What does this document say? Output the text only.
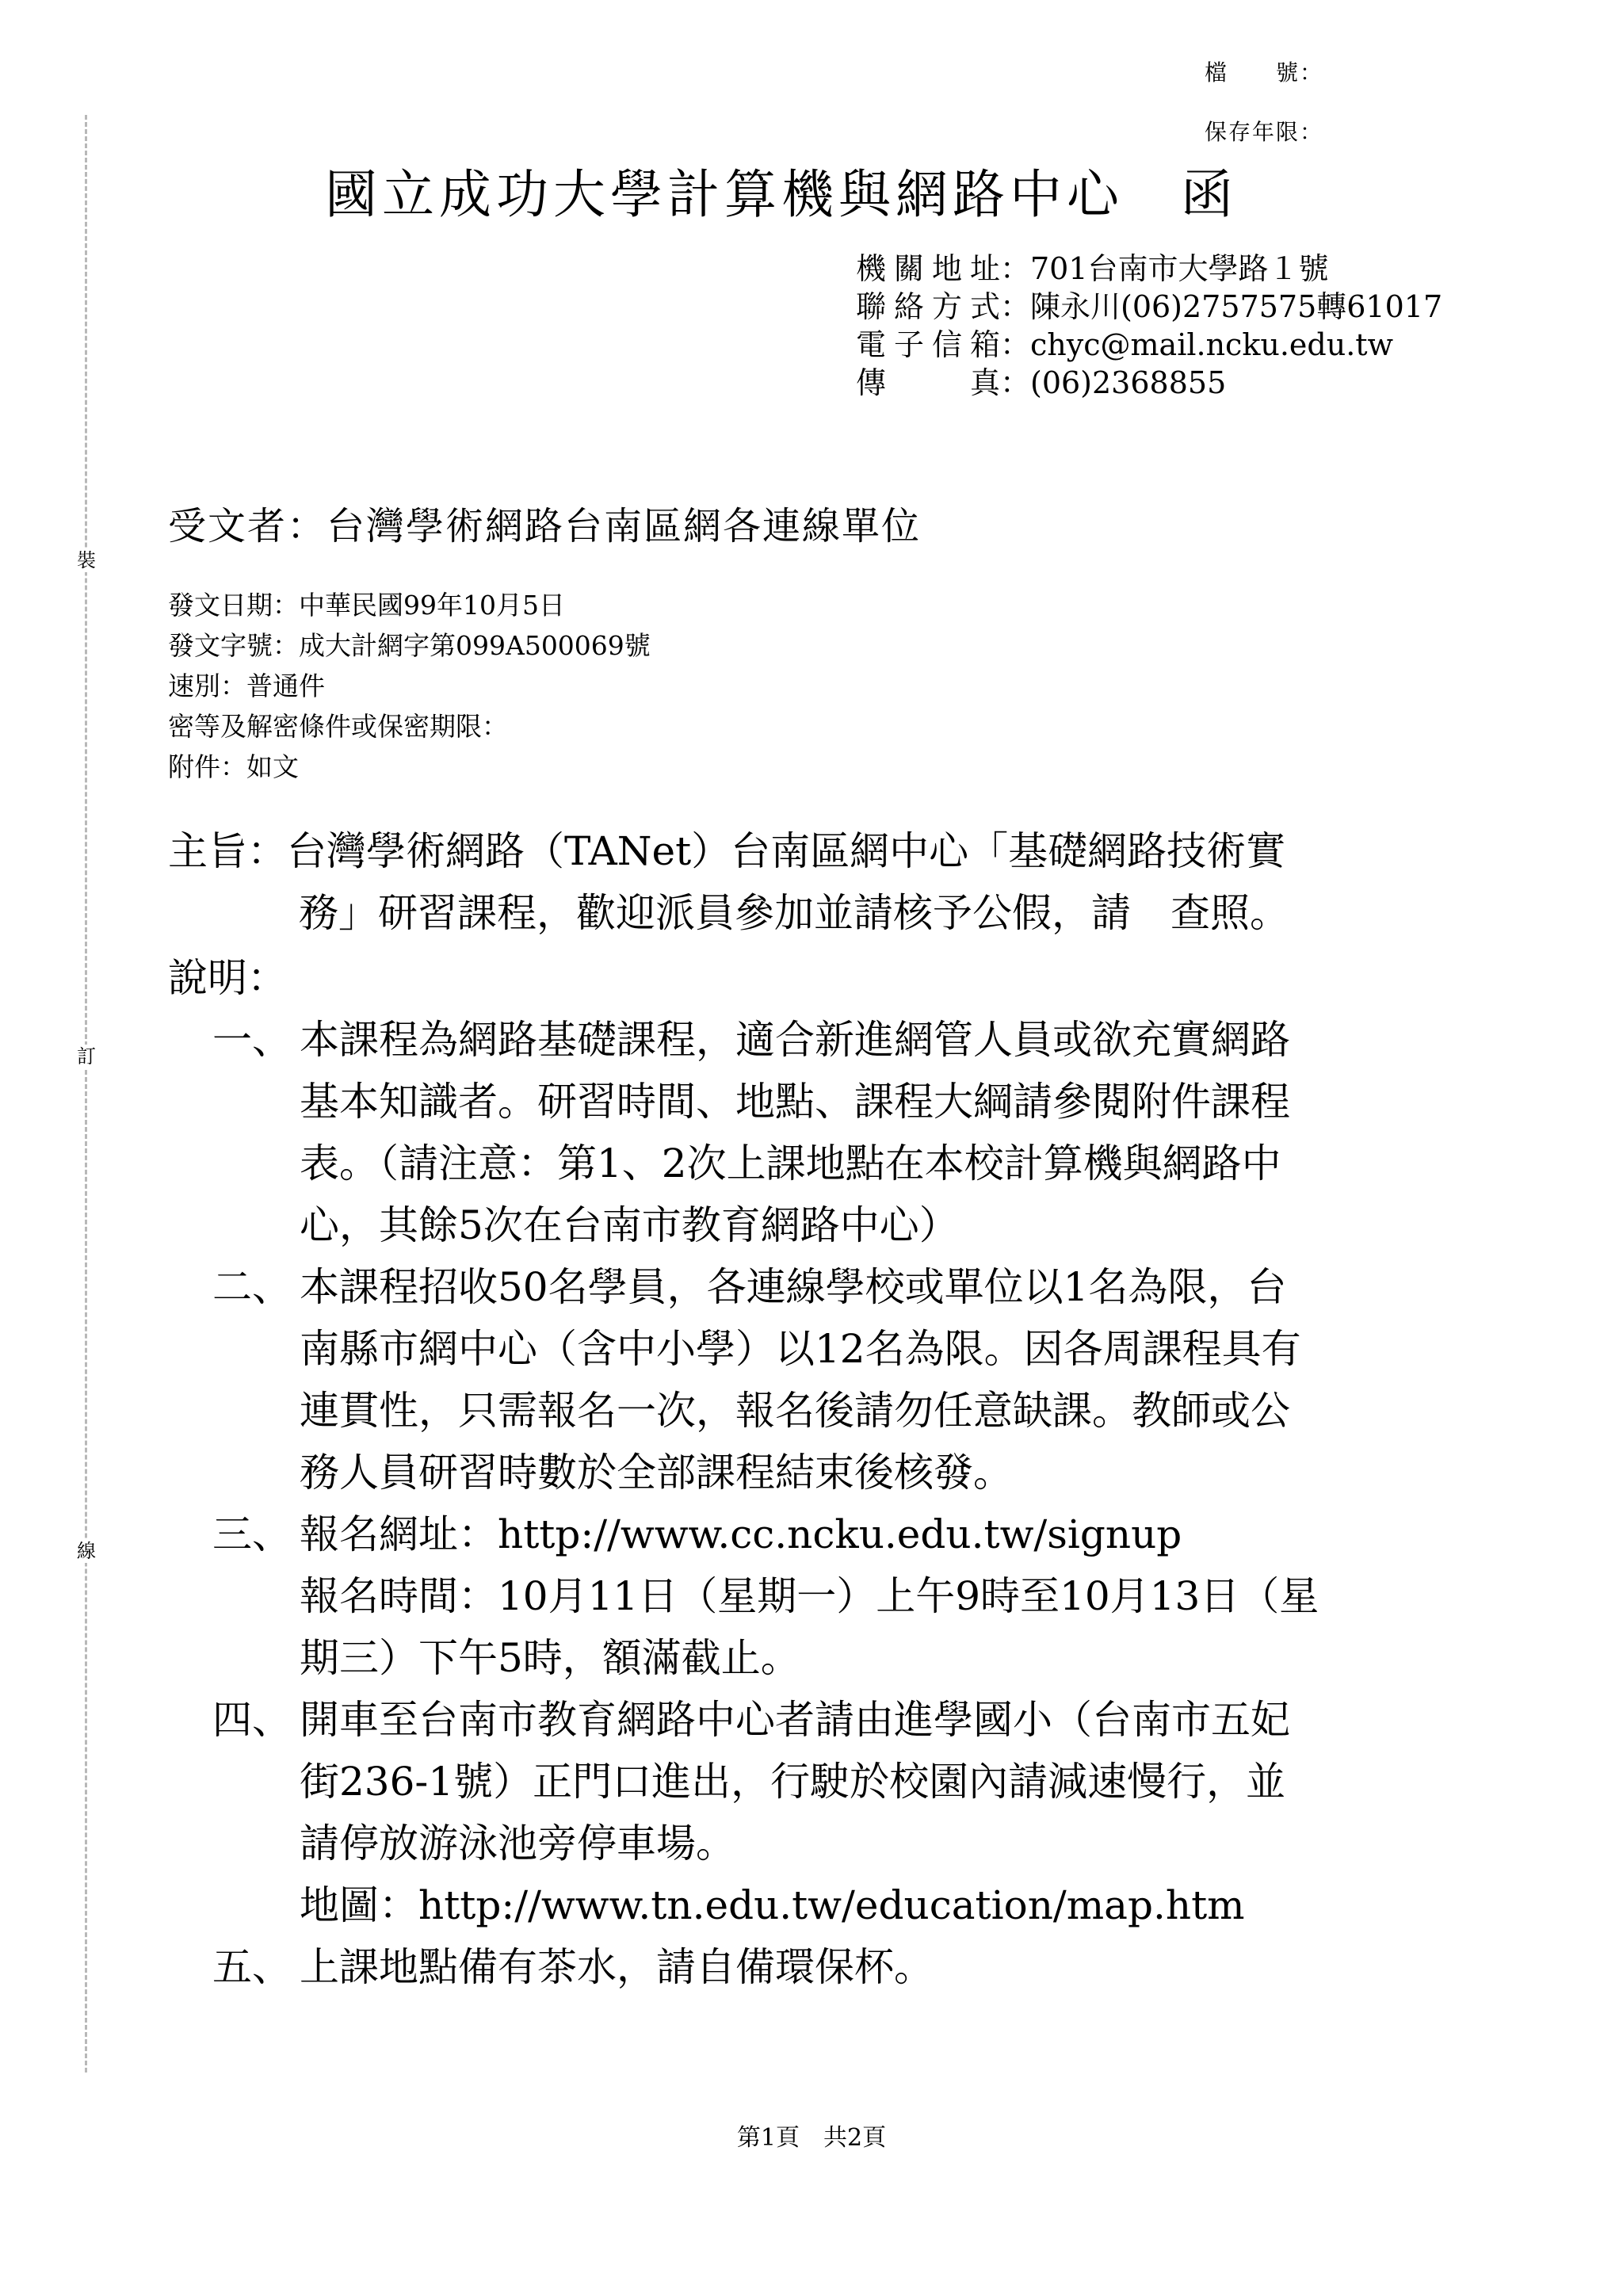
裝
訂
線
檔　　號：
保存年限：
國立成功大學計算機與網路中心　函
機關地址：701台南市大學路１號
聯絡方式：陳永川(06)2757575轉61017
電子信箱：chyc@mail.ncku.edu.tw
傳　　真：(06)2368855
受文者：台灣學術網路台南區網各連線單位
發文日期：中華民國99年10月5日
發文字號：成大計網字第099A500069號
速別：普通件
密等及解密條件或保密期限：
附件：如文
主旨：台灣學術網路（TANet）台南區網中心「基礎網路技術實
務」研習課程，歡迎派員參加並請核予公假，請　查照。
說明：
一、 本課程為網路基礎課程，適合新進網管人員或欲充實網路
基本知識者。研習時間、地點、課程大綱請參閱附件課程
表。（請注意：第1、2次上課地點在本校計算機與網路中
心，其餘5次在台南市教育網路中心）
二、 本課程招收50名學員，各連線學校或單位以1名為限，台
南縣市網中心（含中小學）以12名為限。因各周課程具有
連貫性，只需報名一次，報名後請勿任意缺課。教師或公
務人員研習時數於全部課程結束後核發。
三、 報名網址：http://www.cc.ncku.edu.tw/signup
報名時間：10月11日（星期一）上午9時至10月13日（星
期三）下午5時，額滿截止。
四、 開車至台南市教育網路中心者請由進學國小（台南市五妃
街236-1號）正門口進出，行駛於校園內請減速慢行，並
請停放游泳池旁停車場。
地圖：http://www.tn.edu.tw/education/map.htm
五、 上課地點備有茶水，請自備環保杯。
第1頁　共2頁
